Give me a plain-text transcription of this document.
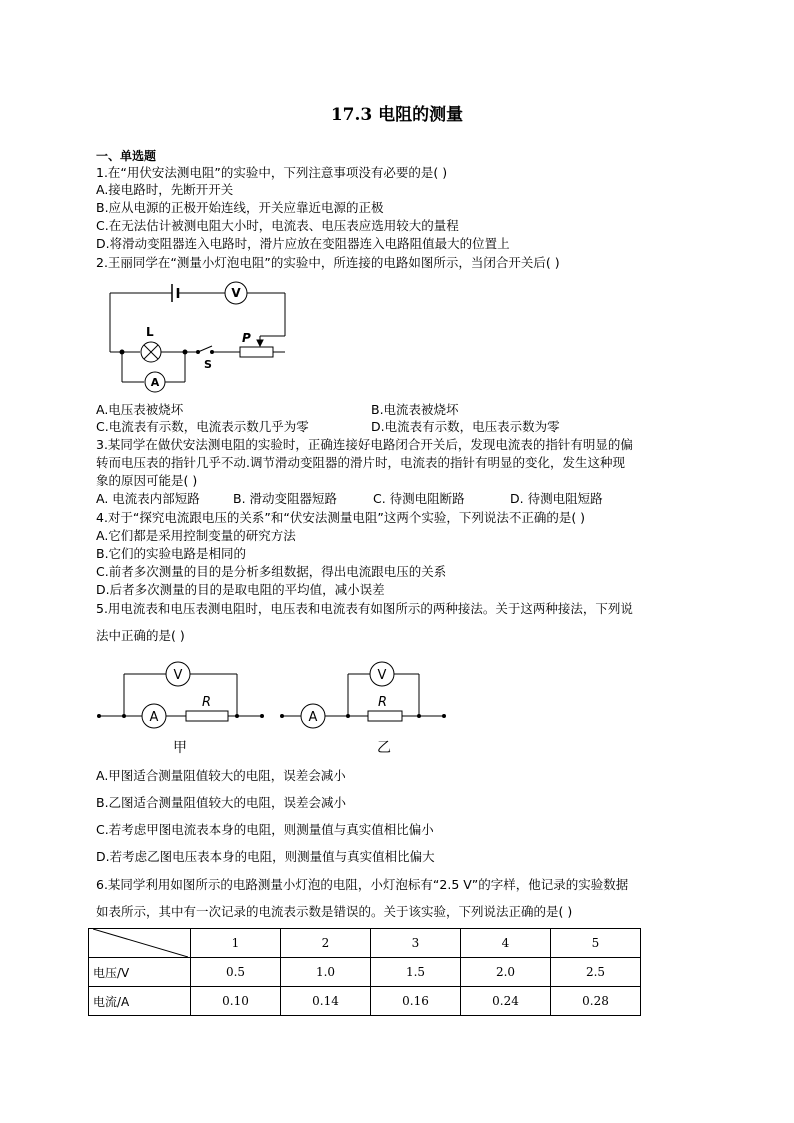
17.3 电阻的测量
一、单选题
1.在“用伏安法测电阻”的实验中，下列注意事项没有必要的是( )
A.接电路时，先断开开关
B.应从电源的正极开始连线，开关应靠近电源的正极
C.在无法估计被测电阻大小时，电流表、电压表应选用较大的量程
D.将滑动变阻器连入电路时，滑片应放在变阻器连入电路阻值最大的位置上
2.王丽同学在“测量小灯泡电阻”的实验中，所连接的电路如图所示，当闭合开关后( )
V
A
L
S
P
A.电压表被烧坏	B.电流表被烧坏
C.电流表有示数，电流表示数几乎为零	D.电流表有示数，电压表示数为零
3.某同学在做伏安法测电阻的实验时，正确连接好电路闭合开关后，发现电流表的指针有明显的偏
转而电压表的指针几乎不动.调节滑动变阻器的滑片时，电流表的指针有明显的变化，发生这种现
象的原因可能是( )
A. 电流表内部短路	B. 滑动变阻器短路	C. 待测电阻断路	D. 待测电阻短路
4.对于“探究电流跟电压的关系”和“伏安法测量电阻”这两个实验，下列说法不正确的是( )
A.它们都是采用控制变量的研究方法
B.它们的实验电路是相同的
C.前者多次测量的目的是分析多组数据，得出电流跟电压的关系
D.后者多次测量的目的是取电阻的平均值，减小误差
5.用电流表和电压表测电阻时，电压表和电流表有如图所示的两种接法。关于这两种接法，下列说
法中正确的是( )
V
A
R
V
A
R
甲	乙
A.甲图适合测量阻值较大的电阻，误差会减小
B.乙图适合测量阻值较大的电阻，误差会减小
C.若考虑甲图电流表本身的电阻，则测量值与真实值相比偏小
D.若考虑乙图电压表本身的电阻，则测量值与真实值相比偏大
6.某同学利用如图所示的电路测量小灯泡的电阻，小灯泡标有“2.5 V”的字样，他记录的实验数据
如表所示，其中有一次记录的电流表示数是错误的。关于该实验，下列说法正确的是( )
	1	2	3	4	5
电压/V	0.5	1.0	1.5	2.0	2.5
电流/A	0.10	0.14	0.16	0.24	0.28
